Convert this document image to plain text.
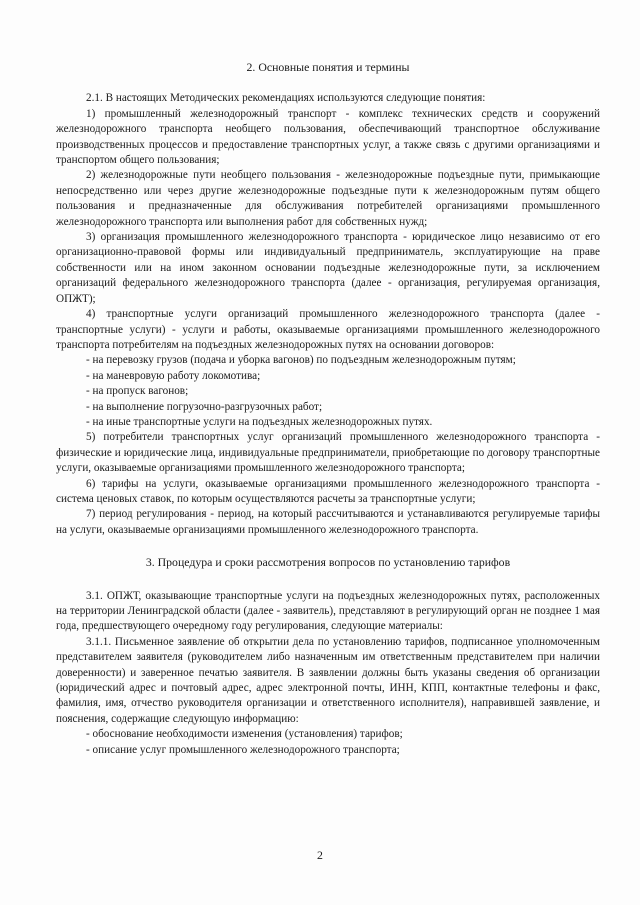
2. Основные понятия и термины

2.1. В настоящих Методических рекомендациях используются следующие понятия:

1) промышленный железнодорожный транспорт - комплекс технических средств и сооружений железнодорожного транспорта необщего пользования, обеспечивающий транспортное обслуживание производственных процессов и предоставление транспортных услуг, а также связь с другими организациями и транспортом общего пользования;

2) железнодорожные пути необщего пользования - железнодорожные подъездные пути, примыкающие непосредственно или через другие железнодорожные подъездные пути к железнодорожным путям общего пользования и предназначенные для обслуживания потребителей организациями промышленного железнодорожного транспорта или выполнения работ для собственных нужд;

3) организация промышленного железнодорожного транспорта - юридическое лицо независимо от его организационно-правовой формы или индивидуальный предприниматель, эксплуатирующие на праве собственности или на ином законном основании подъездные железнодорожные пути, за исключением организаций федерального железнодорожного транспорта (далее - организация, регулируемая организация, ОПЖТ);

4) транспортные услуги организаций промышленного железнодорожного транспорта (далее - транспортные услуги) - услуги и работы, оказываемые организациями промышленного железнодорожного транспорта потребителям на подъездных железнодорожных путях на основании договоров:

- на перевозку грузов (подача и уборка вагонов) по подъездным железнодорожным путям;

- на маневровую работу локомотива;

- на пропуск вагонов;

- на выполнение погрузочно-разгрузочных работ;

- на иные транспортные услуги на подъездных железнодорожных путях.

5) потребители транспортных услуг организаций промышленного железнодорожного транспорта - физические и юридические лица, индивидуальные предприниматели, приобретающие по договору транспортные услуги, оказываемые организациями промышленного железнодорожного транспорта;

6) тарифы на услуги, оказываемые организациями промышленного железнодорожного транспорта - система ценовых ставок, по которым осуществляются расчеты за транспортные услуги;

7) период регулирования - период, на который рассчитываются и устанавливаются регулируемые тарифы на услуги, оказываемые организациями промышленного железнодорожного транспорта.

3. Процедура и сроки рассмотрения вопросов по установлению тарифов

3.1. ОПЖТ, оказывающие транспортные услуги на подъездных железнодорожных путях, расположенных на территории Ленинградской области (далее - заявитель), представляют в регулирующий орган не позднее 1 мая года, предшествующего очередному году регулирования, следующие материалы:

3.1.1. Письменное заявление об открытии дела по установлению тарифов, подписанное уполномоченным представителем заявителя (руководителем либо назначенным им ответственным представителем при наличии доверенности) и заверенное печатью заявителя. В заявлении должны быть указаны сведения об организации (юридический адрес и почтовый адрес, адрес электронной почты, ИНН, КПП, контактные телефоны и факс, фамилия, имя, отчество руководителя организации и ответственного исполнителя), направившей заявление, и пояснения, содержащие следующую информацию:

- обоснование необходимости изменения (установления) тарифов;

- описание услуг промышленного железнодорожного транспорта;

2
